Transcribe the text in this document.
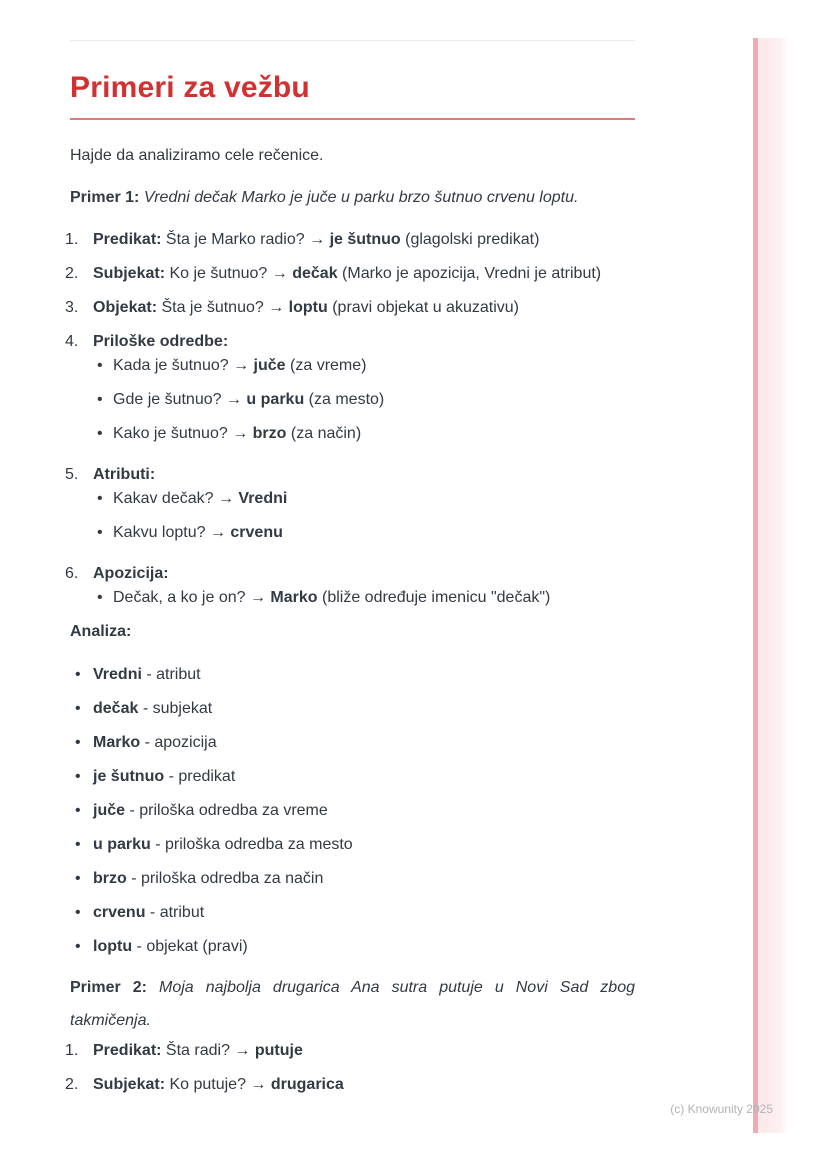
(c) Knowunity 2025
Primeri za vežbu

Hajde da analiziramo cele rečenice.

Primer 1: Vredni dečak Marko je juče u parku brzo šutnuo crvenu loptu.

1. Predikat: Šta je Marko radio? → je šutnuo (glagolski predikat)
2. Subjekat: Ko je šutnuo? → dečak (Marko je apozicija, Vredni je atribut)
3. Objekat: Šta je šutnuo? → loptu (pravi objekat u akuzativu)
4. Priloške odredbe:
• Kada je šutnuo? → juče (za vreme)
• Gde je šutnuo? → u parku (za mesto)
• Kako je šutnuo? → brzo (za način)
5. Atributi:
• Kakav dečak? → Vredni
• Kakvu loptu? → crvenu
6. Apozicija:
• Dečak, a ko je on? → Marko (bliže određuje imenicu "dečak")
Analiza:
• Vredni - atribut
• dečak - subjekat
• Marko - apozicija
• je šutnuo - predikat
• juče - priloška odredba za vreme
• u parku - priloška odredba za mesto
• brzo - priloška odredba za način
• crvenu - atribut
• loptu - objekat (pravi)

Primer 2: Moja najbolja drugarica Ana sutra putuje u Novi Sad zbog takmičenja.

1. Predikat: Šta radi? → putuje
2. Subjekat: Ko putuje? → drugarica
